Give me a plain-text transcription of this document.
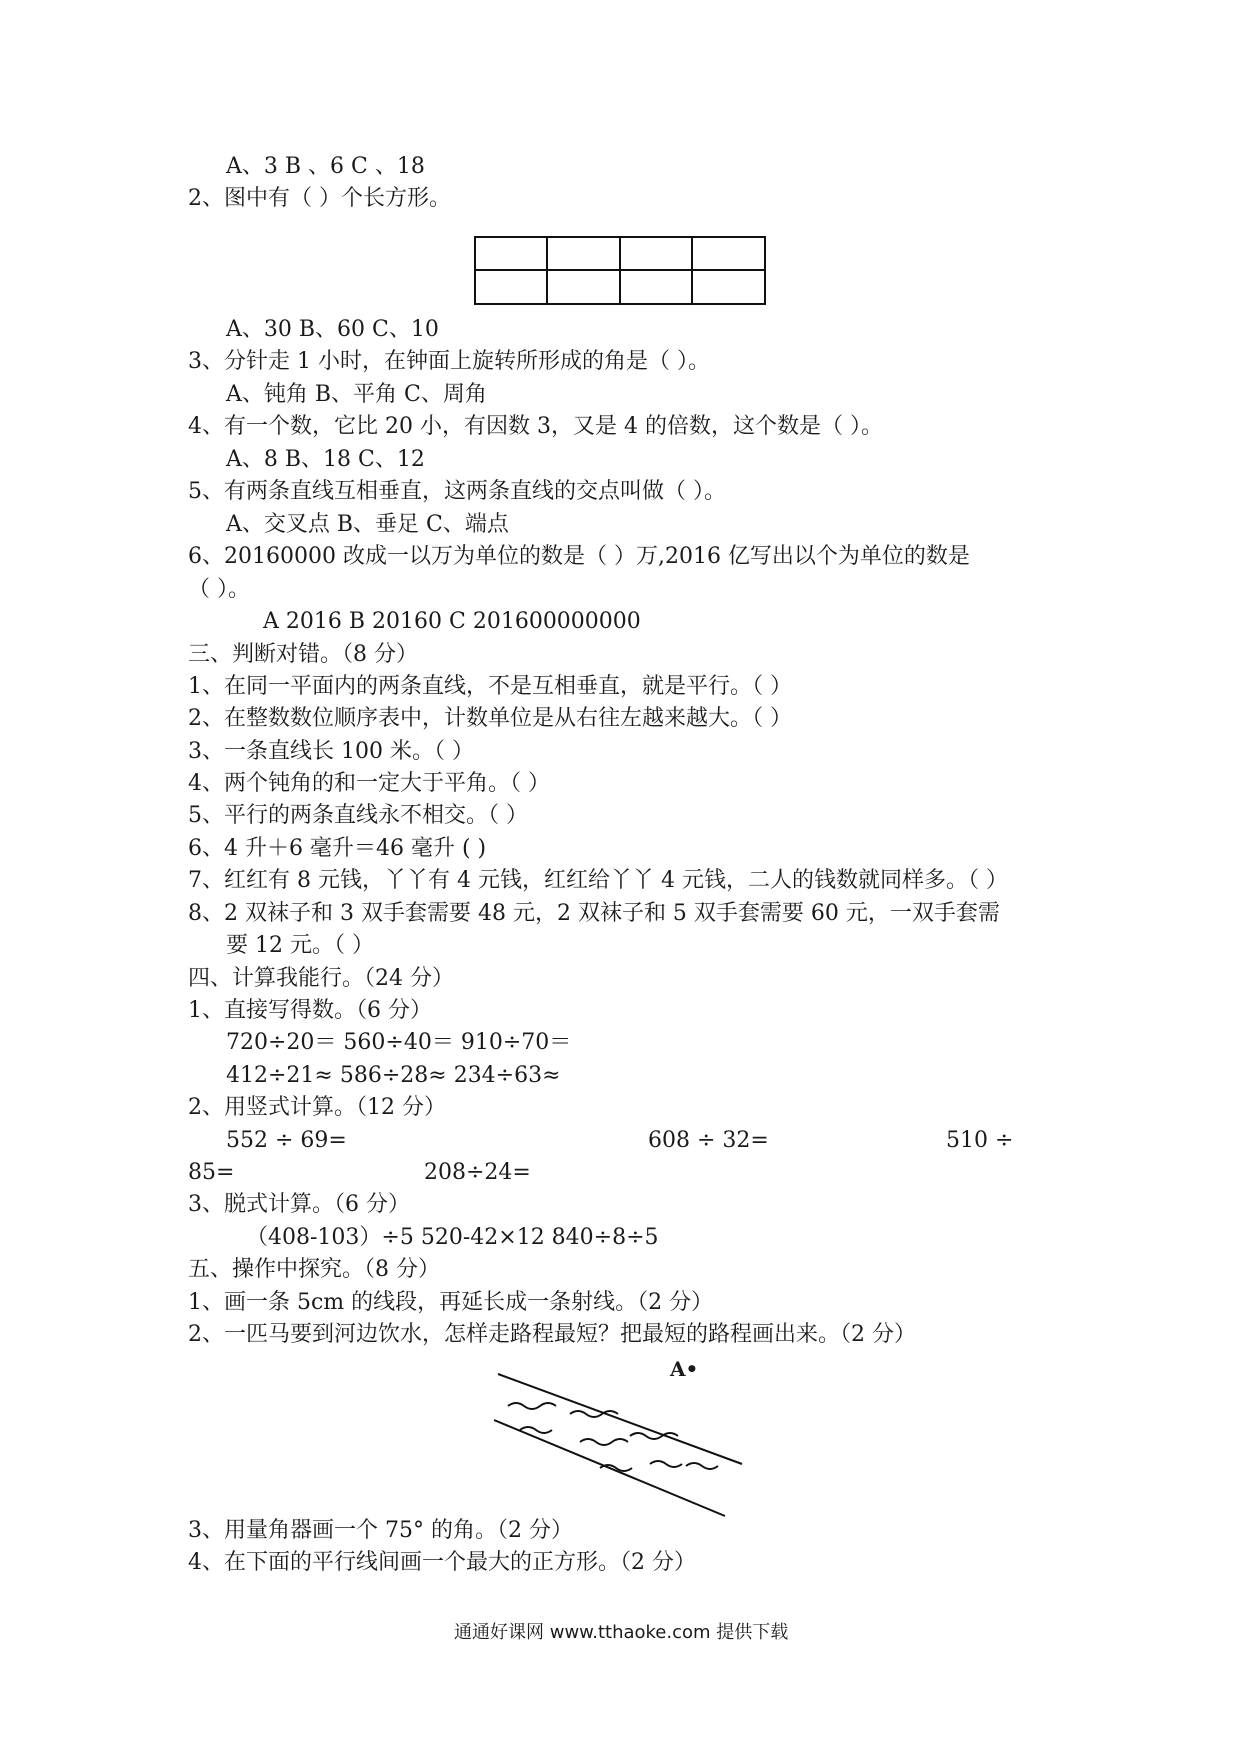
A、3 B 、6 C 、18
2、图中有（ ）个长方形。
A、30 B、60 C、10
3、分针走 1 小时，在钟面上旋转所形成的角是（ ）。
A、钝角 B、平角 C、周角
4、有一个数，它比 20 小，有因数 3，又是 4 的倍数，这个数是（ ）。
A、8 B、18 C、12
5、有两条直线互相垂直，这两条直线的交点叫做（ ）。
A、交叉点 B、垂足 C、端点
6、20160000 改成一以万为单位的数是（ ）万,2016 亿写出以个为单位的数是
（ ）。
A 2016 B 20160 C 201600000000
三、判断对错。（8 分）
1、在同一平面内的两条直线，不是互相垂直，就是平行。（ ）
2、在整数数位顺序表中，计数单位是从右往左越来越大。（ ）
3、一条直线长 100 米。（ ）
4、两个钝角的和一定大于平角。（ ）
5、平行的两条直线永不相交。（ ）
6、4 升＋6 毫升＝46 毫升 ( )
7、红红有 8 元钱，丫丫有 4 元钱，红红给丫丫 4 元钱，二人的钱数就同样多。（ ）
8、2 双袜子和 3 双手套需要 48 元，2 双袜子和 5 双手套需要 60 元，一双手套需
要 12 元。（ ）
四、计算我能行。（24 分）
1、直接写得数。（6 分）
720÷20＝ 560÷40＝ 910÷70＝
412÷21≈ 586÷28≈ 234÷63≈
2、用竖式计算。（12 分）
552 ÷ 69=	608 ÷ 32=	510 ÷
85=	208÷24=
3、脱式计算。（6 分）
（408-103）÷5 520-42×12 840÷8÷5
五、操作中探究。（8 分）
1、画一条 5cm 的线段，再延长成一条射线。（2 分）
2、一匹马要到河边饮水，怎样走路程最短？把最短的路程画出来。（2 分）
A•
3、用量角器画一个 75° 的角。（2 分）
4、在下面的平行线间画一个最大的正方形。（2 分）
通通好课网 www.tthaoke.com 提供下载
